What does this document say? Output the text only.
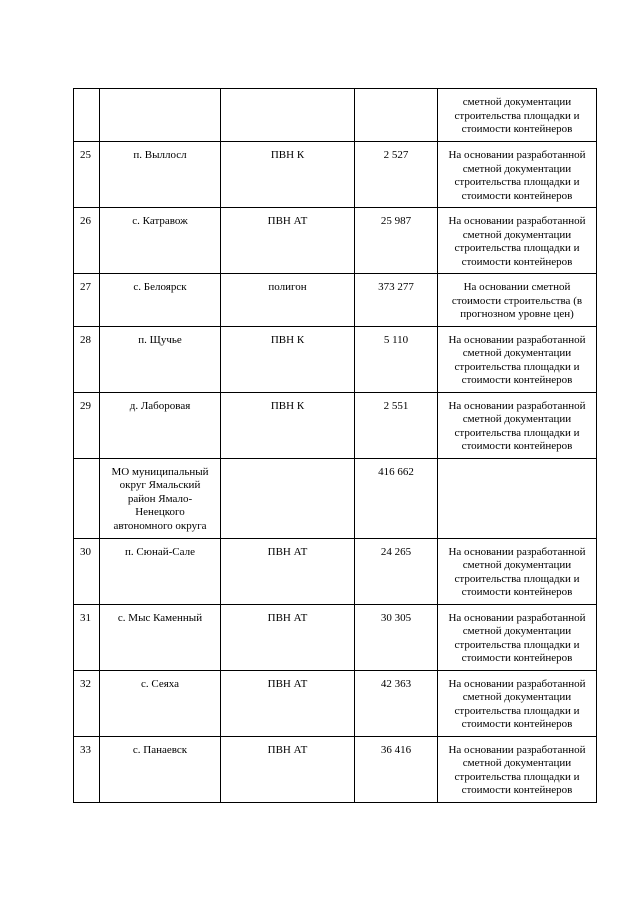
				сметной документации
строительства площадки и
стоимости контейнеров
25	п. Выллосл	ПВН К	2 527	На основании разработанной
сметной документации
строительства площадки и
стоимости контейнеров
26	с. Катравож	ПВН АТ	25 987	На основании разработанной
сметной документации
строительства площадки и
стоимости контейнеров
27	с. Белоярск	полигон	373 277	На основании сметной
стоимости строительства (в
прогнозном уровне цен)
28	п. Щучье	ПВН К	5 110	На основании разработанной
сметной документации
строительства площадки и
стоимости контейнеров
29	д. Лаборовая	ПВН К	2 551	На основании разработанной
сметной документации
строительства площадки и
стоимости контейнеров
	МО муниципальный
округ Ямальский
район Ямало-
Ненецкого
автономного округа		416 662	
30	п. Сюнай-Сале	ПВН АТ	24 265	На основании разработанной
сметной документации
строительства площадки и
стоимости контейнеров
31	с. Мыс Каменный	ПВН АТ	30 305	На основании разработанной
сметной документации
строительства площадки и
стоимости контейнеров
32	с. Сеяха	ПВН АТ	42 363	На основании разработанной
сметной документации
строительства площадки и
стоимости контейнеров
33	с. Панаевск	ПВН АТ	36 416	На основании разработанной
сметной документации
строительства площадки и
стоимости контейнеров
